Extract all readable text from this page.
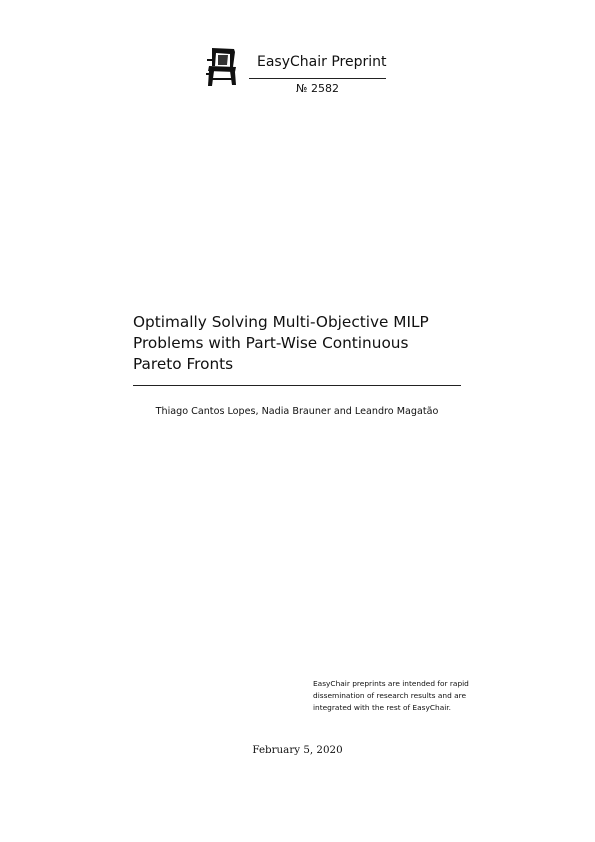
EasyChair Preprint
№ 2582
Optimally Solving Multi-Objective MILP Problems with Part-Wise Continuous Pareto Fronts
Thiago Cantos Lopes, Nadia Brauner and Leandro Magatão
EasyChair preprints are intended for rapid
dissemination of research results and are
integrated with the rest of EasyChair.
February 5, 2020
